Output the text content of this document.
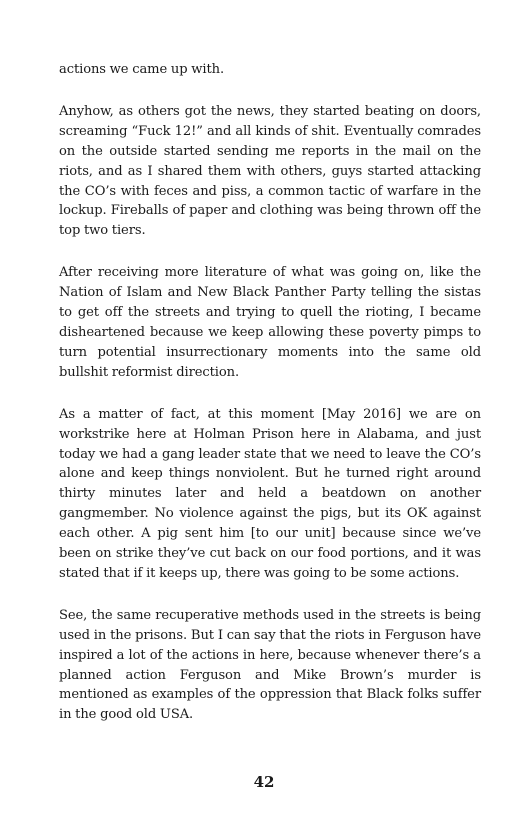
actions we came up with.

Anyhow, as others got the news, they started beating on doors, screaming “Fuck 12!” and all kinds of shit. Eventually comrades on the outside started sending me reports in the mail on the riots, and as I shared them with others, guys started attacking the CO’s with feces and piss, a common tactic of warfare in the lockup. Fireballs of paper and clothing was being thrown off the top two tiers.

After receiving more literature of what was going on, like the Nation of Islam and New Black Panther Party telling the sistas to get off the streets and trying to quell the rioting, I became disheartened because we keep allowing these poverty pimps to turn potential insurrectionary moments into the same old bullshit reformist direction.

As a matter of fact, at this moment [May 2016] we are on workstrike here at Holman Prison here in Alabama, and just today we had a gang leader state that we need to leave the CO’s alone and keep things nonviolent. But he turned right around thirty minutes later and held a beatdown on another gangmember. No violence against the pigs, but its OK against each other. A pig sent him [to our unit] because since we’ve been on strike they’ve cut back on our food portions, and it was stated that if it keeps up, there was going to be some actions.

See, the same recuperative methods used in the streets is being used in the prisons. But I can say that the riots in Ferguson have inspired a lot of the actions in here, because whenever there’s a planned action Ferguson and Mike Brown’s murder is mentioned as examples of the oppression that Black folks suffer in the good old USA.

42
